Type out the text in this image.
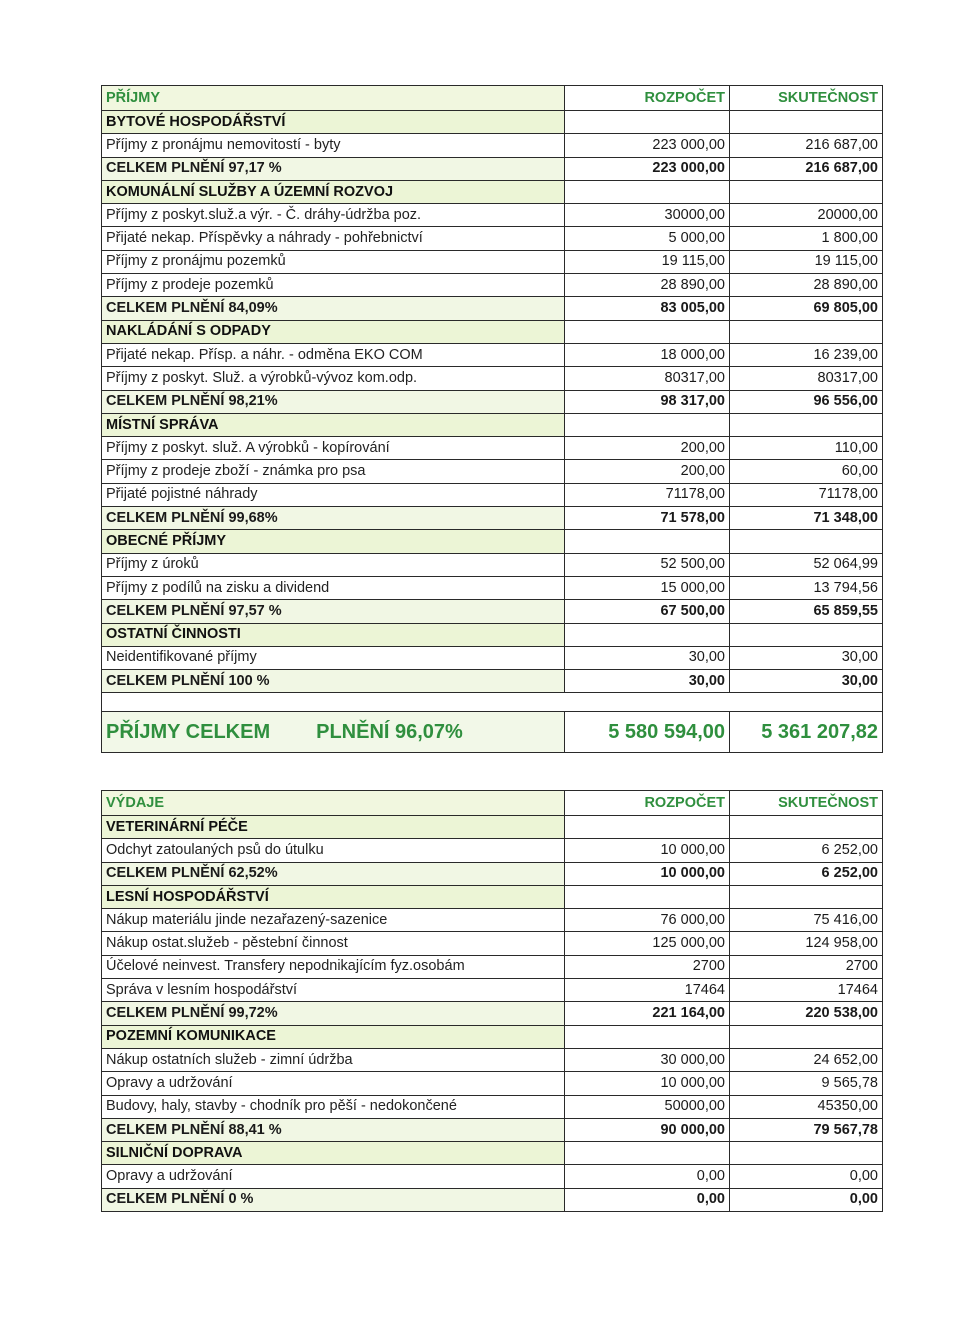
PŘÍJMY	ROZPOČET	SKUTEČNOST
BYTOVÉ HOSPODÁŘSTVÍ		
Příjmy z pronájmu nemovitostí - byty	223 000,00	216 687,00
CELKEM PLNĚNÍ 97,17 %	223 000,00	216 687,00
KOMUNÁLNÍ SLUŽBY A ÚZEMNÍ ROZVOJ		
Příjmy z poskyt.služ.a výr. - Č. dráhy-údržba poz.	30000,00	20000,00
Přijaté nekap. Příspěvky a náhrady - pohřebnictví	5 000,00	1 800,00
Příjmy z pronájmu pozemků	19 115,00	19 115,00
Příjmy z prodeje pozemků	28 890,00	28 890,00
CELKEM PLNĚNÍ 84,09%	83 005,00	69 805,00
NAKLÁDÁNÍ S ODPADY		
Přijaté nekap. Přísp. a náhr. - odměna EKO COM	18 000,00	16 239,00
Příjmy z poskyt. Služ. a výrobků-vývoz kom.odp.	80317,00	80317,00
CELKEM PLNĚNÍ 98,21%	98 317,00	96 556,00
MÍSTNÍ SPRÁVA		
Příjmy z poskyt. služ. A výrobků - kopírování	200,00	110,00
Příjmy z prodeje zboží - známka pro psa	200,00	60,00
Přijaté pojistné náhrady	71178,00	71178,00
CELKEM PLNĚNÍ 99,68%	71 578,00	71 348,00
OBECNÉ PŘÍJMY		
Příjmy z úroků	52 500,00	52 064,99
Příjmy z podílů na zisku a dividend	15 000,00	13 794,56
CELKEM PLNĚNÍ 97,57 %	67 500,00	65 859,55
OSTATNÍ ČINNOSTI		
Neidentifikované příjmy	30,00	30,00
CELKEM PLNĚNÍ 100 %	30,00	30,00

PŘÍJMY CELKEM PLNĚNÍ 96,07%	5 580 594,00	5 361 207,82
VÝDAJE	ROZPOČET	SKUTEČNOST
VETERINÁRNÍ PÉČE		
Odchyt zatoulaných psů do útulku	10 000,00	6 252,00
CELKEM PLNĚNÍ 62,52%	10 000,00	6 252,00
LESNÍ HOSPODÁŘSTVÍ		
Nákup materiálu jinde nezařazený-sazenice	76 000,00	75 416,00
Nákup ostat.služeb - pěstební činnost	125 000,00	124 958,00
Účelové neinvest. Transfery nepodnikajícím fyz.osobám	2700	2700
Správa v lesním hospodářství	17464	17464
CELKEM PLNĚNÍ 99,72%	221 164,00	220 538,00
POZEMNÍ KOMUNIKACE		
Nákup ostatních služeb - zimní údržba	30 000,00	24 652,00
Opravy a udržování	10 000,00	9 565,78
Budovy, haly, stavby - chodník pro pěší - nedokončené	50000,00	45350,00
CELKEM PLNĚNÍ 88,41 %	90 000,00	79 567,78
SILNIČNÍ DOPRAVA		
Opravy a udržování	0,00	0,00
CELKEM PLNĚNÍ 0 %	0,00	0,00
